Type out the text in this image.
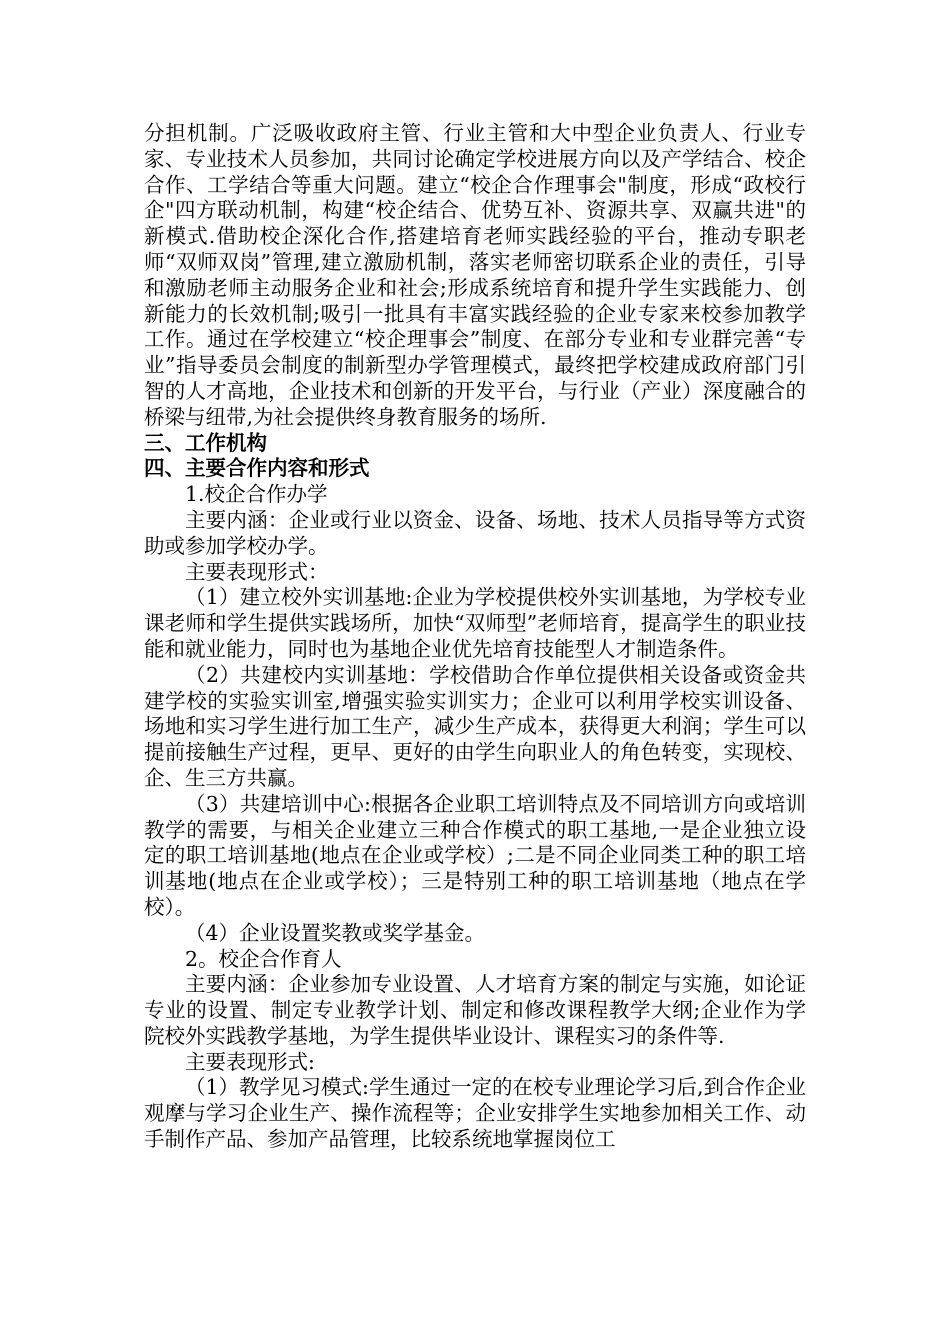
分担机制。广泛吸收政府主管、行业主管和大中型企业负责人、行业专家、专业技术人员参加，共同讨论确定学校进展方向以及产学结合、校企合作、工学结合等重大问题。建立“校企合作理事会"制度，形成“政校行企"四方联动机制，构建“校企结合、优势互补、资源共享、双赢共进"的新模式.借助校企深化合作,搭建培育老师实践经验的平台，推动专职老师“双师双岗”管理,建立激励机制，落实老师密切联系企业的责任，引导和激励老师主动服务企业和社会;形成系统培育和提升学生实践能力、创新能力的长效机制;吸引一批具有丰富实践经验的企业专家来校参加教学工作。通过在学校建立“校企理事会”制度、在部分专业和专业群完善“专业”指导委员会制度的制新型办学管理模式，最终把学校建成政府部门引智的人才高地，企业技术和创新的开发平台，与行业（产业）深度融合的桥梁与纽带,为社会提供终身教育服务的场所.

三、工作机构

四、主要合作内容和形式

1.校企合作办学

主要内涵：企业或行业以资金、设备、场地、技术人员指导等方式资助或参加学校办学。

主要表现形式：

（1）建立校外实训基地:企业为学校提供校外实训基地，为学校专业课老师和学生提供实践场所，加快“双师型”老师培育，提高学生的职业技能和就业能力，同时也为基地企业优先培育技能型人才制造条件。

（2）共建校内实训基地：学校借助合作单位提供相关设备或资金共建学校的实验实训室,增强实验实训实力；企业可以利用学校实训设备、场地和实习学生进行加工生产，减少生产成本，获得更大利润；学生可以提前接触生产过程，更早、更好的由学生向职业人的角色转变，实现校、企、生三方共赢。

（3）共建培训中心:根据各企业职工培训特点及不同培训方向或培训教学的需要，与相关企业建立三种合作模式的职工基地,一是企业独立设定的职工培训基地(地点在企业或学校）;二是不同企业同类工种的职工培训基地(地点在企业或学校）；三是特别工种的职工培训基地（地点在学校）。

（4）企业设置奖教或奖学基金。

2。校企合作育人

主要内涵：企业参加专业设置、人才培育方案的制定与实施，如论证专业的设置、制定专业教学计划、制定和修改课程教学大纲;企业作为学院校外实践教学基地，为学生提供毕业设计、课程实习的条件等.

主要表现形式:

（1）教学见习模式:学生通过一定的在校专业理论学习后,到合作企业观摩与学习企业生产、操作流程等；企业安排学生实地参加相关工作、动手制作产品、参加产品管理，比较系统地掌握岗位工
